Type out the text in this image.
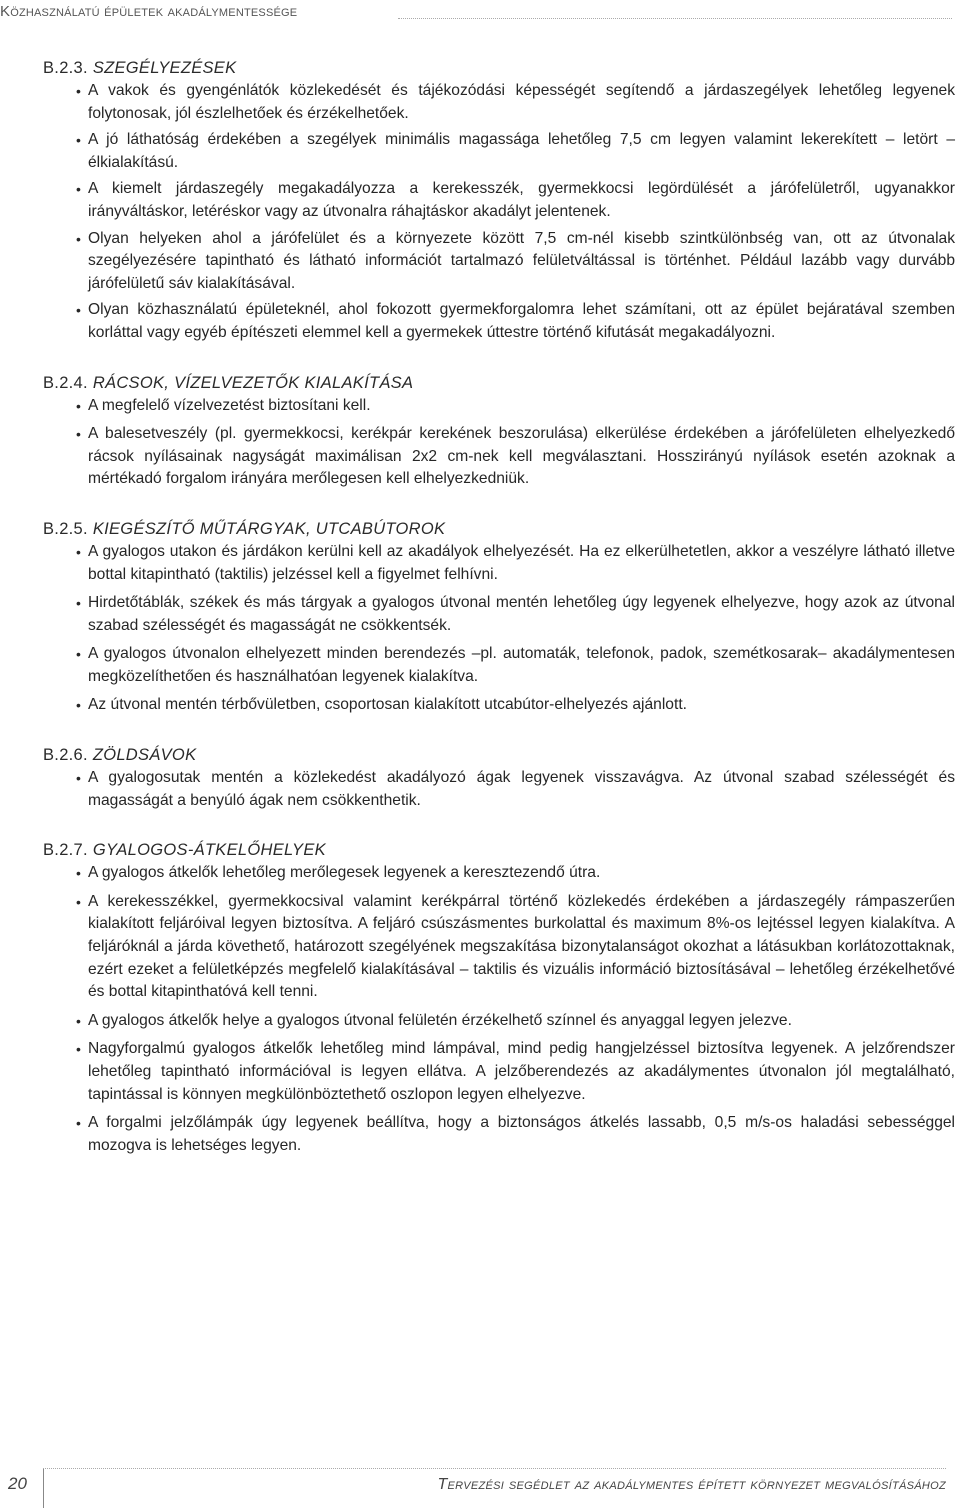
Közhasználatú épületek akadálymentessége
B.2.3. SZEGÉLYEZÉSEK
• A vakok és gyengénlátók közlekedését és tájékozódási képességét segítendő a járdaszegélyek lehetőleg legyenek folytonosak, jól észlelhetőek és érzékelhetőek.
• A jó láthatóság érdekében a szegélyek minimális magassága lehetőleg 7,5 cm legyen valamint lekerekített – letört – élkialakítású.
• A kiemelt járdaszegély megakadályozza a kerekesszék, gyermekkocsi legördülését a járófelületről, ugyanakkor irányváltáskor, letéréskor vagy az útvonalra ráhajtáskor akadályt jelentenek.
• Olyan helyeken ahol a járófelület és a környezete között 7,5 cm-nél kisebb szintkülönbség van, ott az útvonalak szegélyezésére tapintható és látható információt tartalmazó felületváltással is történhet. Például lazább vagy durvább járófelületű sáv kialakításával.
• Olyan közhasználatú épületeknél, ahol fokozott gyermekforgalomra lehet számítani, ott az épület bejáratával szemben korláttal vagy egyéb építészeti elemmel kell a gyermekek úttestre történő kifutását megakadályozni.
B.2.4. RÁCSOK, VÍZELVEZETŐK KIALAKÍTÁSA
• A megfelelő vízelvezetést biztosítani kell.
• A balesetveszély (pl. gyermekkocsi, kerékpár kerekének beszorulása) elkerülése érdekében a járófelületen elhelyezkedő rácsok nyílásainak nagyságát maximálisan 2x2 cm-nek kell megválasztani. Hosszirányú nyílások esetén azoknak a mértékadó forgalom irányára merőlegesen kell elhelyezkedniük.
B.2.5. KIEGÉSZÍTŐ MŰTÁRGYAK, UTCABÚTOROK
• A gyalogos utakon és járdákon kerülni kell az akadályok elhelyezését. Ha ez elkerülhetetlen, akkor a veszélyre látható illetve bottal kitapintható (taktilis) jelzéssel kell a figyelmet felhívni.
• Hirdetőtáblák, székek és más tárgyak a gyalogos útvonal mentén lehetőleg úgy legyenek elhelyezve, hogy azok az útvonal szabad szélességét és magasságát ne csökkentsék.
• A gyalogos útvonalon elhelyezett minden berendezés –pl. automaták, telefonok, padok, szemétkosarak– akadálymentesen megközelíthetően és használhatóan legyenek kialakítva.
• Az útvonal mentén térbővületben, csoportosan kialakított utcabútor-elhelyezés ajánlott.
B.2.6. ZÖLDSÁVOK
• A gyalogosutak mentén a közlekedést akadályozó ágak legyenek visszavágva. Az útvonal szabad szélességét és magasságát a benyúló ágak nem csökkenthetik.
B.2.7. GYALOGOS-ÁTKELŐHELYEK
• A gyalogos átkelők lehetőleg merőlegesek legyenek a keresztezendő útra.
• A kerekesszékkel, gyermekkocsival valamint kerékpárral történő közlekedés érdekében a járdaszegély rámpaszerűen kialakított feljáróival legyen biztosítva. A feljáró csúszásmentes burkolattal és maximum 8%-os lejtéssel legyen kialakítva. A feljáróknál a járda követhető, határozott szegélyének megszakítása bizonytalanságot okozhat a látásukban korlátozottaknak, ezért ezeket a felületképzés megfelelő kialakításával – taktilis és vizuális információ biztosításával – lehetőleg érzékelhetővé és bottal kitapinthatóvá kell tenni.
• A gyalogos átkelők helye a gyalogos útvonal felületén érzékelhető színnel és anyaggal legyen jelezve.
• Nagyforgalmú gyalogos átkelők lehetőleg mind lámpával, mind pedig hangjelzéssel biztosítva legyenek. A jelzőrendszer lehetőleg tapintható információval is legyen ellátva. A jelzőberendezés az akadálymentes útvonalon jól megtalálható, tapintással is könnyen megkülönböztethető oszlopon legyen elhelyezve.
• A forgalmi jelzőlámpák úgy legyenek beállítva, hogy a biztonságos átkelés lassabb, 0,5 m/s-os haladási sebességgel mozogva is lehetséges legyen.
20	Tervezési segédlet az akadálymentes épített környezet megvalósításához
